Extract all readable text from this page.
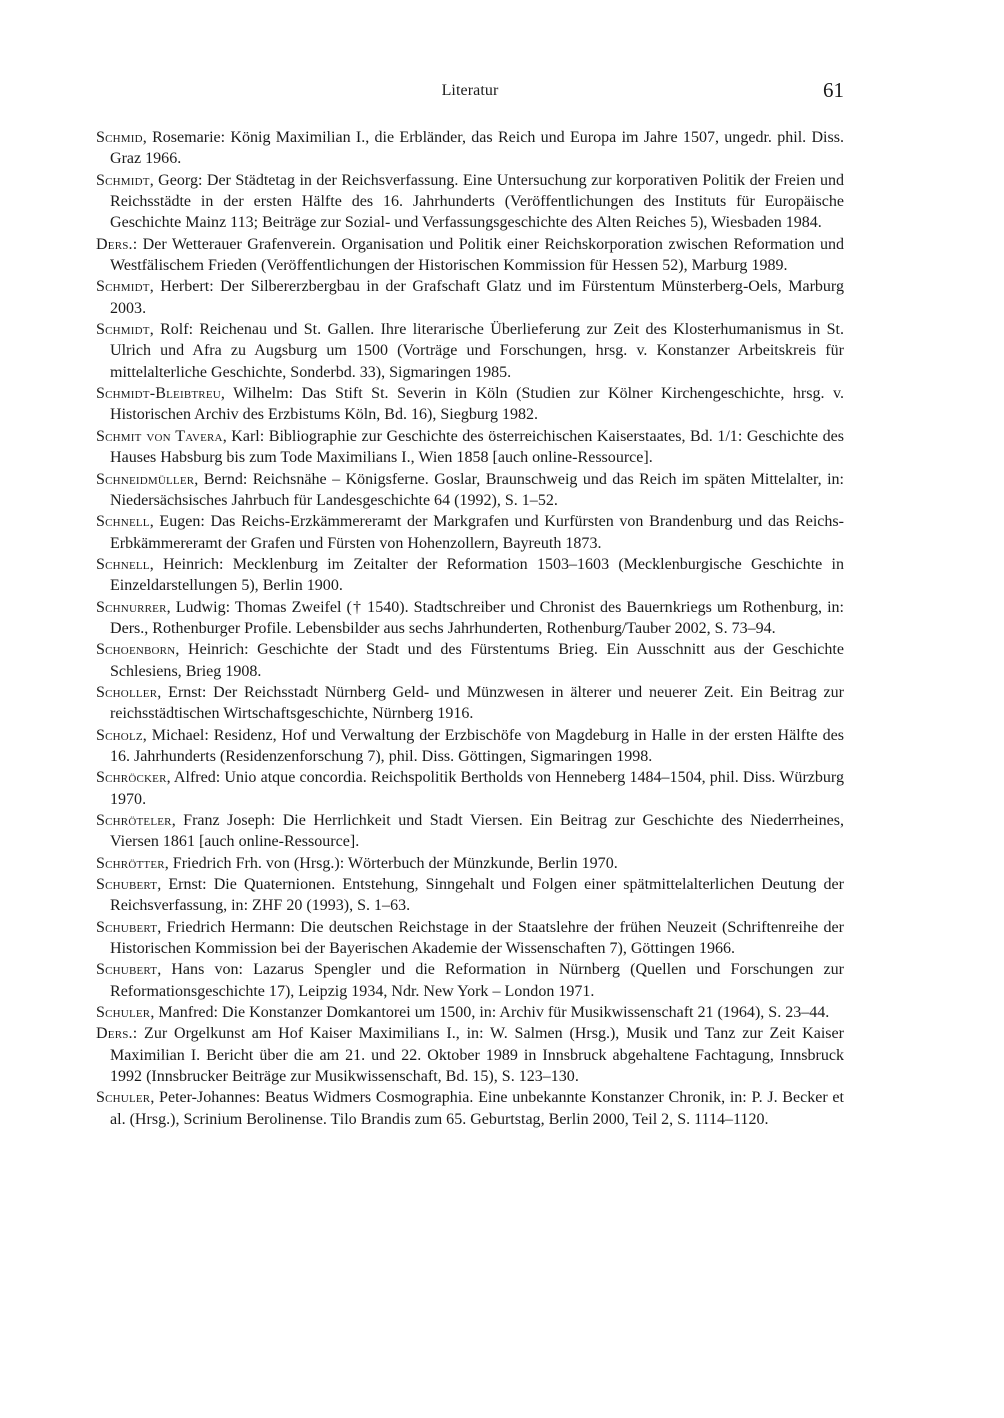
Literatur	61
Schmid, Rosemarie: König Maximilian I., die Erbländer, das Reich und Europa im Jahre 1507, ungedr. phil. Diss. Graz 1966.
Schmidt, Georg: Der Städtetag in der Reichsverfassung. Eine Untersuchung zur korporativen Politik der Freien und Reichsstädte in der ersten Hälfte des 16. Jahrhunderts (Veröffentlichungen des Instituts für Europäische Geschichte Mainz 113; Beiträge zur Sozial- und Verfassungsgeschichte des Alten Reiches 5), Wiesbaden 1984.
Ders.: Der Wetterauer Grafenverein. Organisation und Politik einer Reichskorporation zwischen Reformation und Westfälischem Frieden (Veröffentlichungen der Historischen Kommission für Hessen 52), Marburg 1989.
Schmidt, Herbert: Der Silbererzbergbau in der Grafschaft Glatz und im Fürstentum Münsterberg-Oels, Marburg 2003.
Schmidt, Rolf: Reichenau und St. Gallen. Ihre literarische Überlieferung zur Zeit des Klosterhumanismus in St. Ulrich und Afra zu Augsburg um 1500 (Vorträge und Forschungen, hrsg. v. Konstanzer Arbeitskreis für mittelalterliche Geschichte, Sonderbd. 33), Sigmaringen 1985.
Schmidt-Bleibtreu, Wilhelm: Das Stift St. Severin in Köln (Studien zur Kölner Kirchengeschichte, hrsg. v. Historischen Archiv des Erzbistums Köln, Bd. 16), Siegburg 1982.
Schmit von Tavera, Karl: Bibliographie zur Geschichte des österreichischen Kaiserstaates, Bd. 1/1: Geschichte des Hauses Habsburg bis zum Tode Maximilians I., Wien 1858 [auch online-Ressource].
Schneidmüller, Bernd: Reichsnähe – Königsferne. Goslar, Braunschweig und das Reich im späten Mittelalter, in: Niedersächsisches Jahrbuch für Landesgeschichte 64 (1992), S. 1–52.
Schnell, Eugen: Das Reichs-Erzkämmereramt der Markgrafen und Kurfürsten von Brandenburg und das Reichs-Erbkämmereramt der Grafen und Fürsten von Hohenzollern, Bayreuth 1873.
Schnell, Heinrich: Mecklenburg im Zeitalter der Reformation 1503–1603 (Mecklenburgische Geschichte in Einzeldarstellungen 5), Berlin 1900.
Schnurrer, Ludwig: Thomas Zweifel († 1540). Stadtschreiber und Chronist des Bauernkriegs um Rothenburg, in: Ders., Rothenburger Profile. Lebensbilder aus sechs Jahrhunderten, Rothenburg/Tauber 2002, S. 73–94.
Schoenborn, Heinrich: Geschichte der Stadt und des Fürstentums Brieg. Ein Ausschnitt aus der Geschichte Schlesiens, Brieg 1908.
Scholler, Ernst: Der Reichsstadt Nürnberg Geld- und Münzwesen in älterer und neuerer Zeit. Ein Beitrag zur reichsstädtischen Wirtschaftsgeschichte, Nürnberg 1916.
Scholz, Michael: Residenz, Hof und Verwaltung der Erzbischöfe von Magdeburg in Halle in der ersten Hälfte des 16. Jahrhunderts (Residenzenforschung 7), phil. Diss. Göttingen, Sigmaringen 1998.
Schröcker, Alfred: Unio atque concordia. Reichspolitik Bertholds von Henneberg 1484–1504, phil. Diss. Würzburg 1970.
Schröteler, Franz Joseph: Die Herrlichkeit und Stadt Viersen. Ein Beitrag zur Geschichte des Niederrheines, Viersen 1861 [auch online-Ressource].
Schrötter, Friedrich Frh. von (Hrsg.): Wörterbuch der Münzkunde, Berlin 1970.
Schubert, Ernst: Die Quaternionen. Entstehung, Sinngehalt und Folgen einer spätmittelalterlichen Deutung der Reichsverfassung, in: ZHF 20 (1993), S. 1–63.
Schubert, Friedrich Hermann: Die deutschen Reichstage in der Staatslehre der frühen Neuzeit (Schriftenreihe der Historischen Kommission bei der Bayerischen Akademie der Wissenschaften 7), Göttingen 1966.
Schubert, Hans von: Lazarus Spengler und die Reformation in Nürnberg (Quellen und Forschungen zur Reformationsgeschichte 17), Leipzig 1934, Ndr. New York – London 1971.
Schuler, Manfred: Die Konstanzer Domkantorei um 1500, in: Archiv für Musikwissenschaft 21 (1964), S. 23–44.
Ders.: Zur Orgelkunst am Hof Kaiser Maximilians I., in: W. Salmen (Hrsg.), Musik und Tanz zur Zeit Kaiser Maximilian I. Bericht über die am 21. und 22. Oktober 1989 in Innsbruck abgehaltene Fachtagung, Innsbruck 1992 (Innsbrucker Beiträge zur Musikwissenschaft, Bd. 15), S. 123–130.
Schuler, Peter-Johannes: Beatus Widmers Cosmographia. Eine unbekannte Konstanzer Chronik, in: P. J. Becker et al. (Hrsg.), Scrinium Berolinense. Tilo Brandis zum 65. Geburtstag, Berlin 2000, Teil 2, S. 1114–1120.
